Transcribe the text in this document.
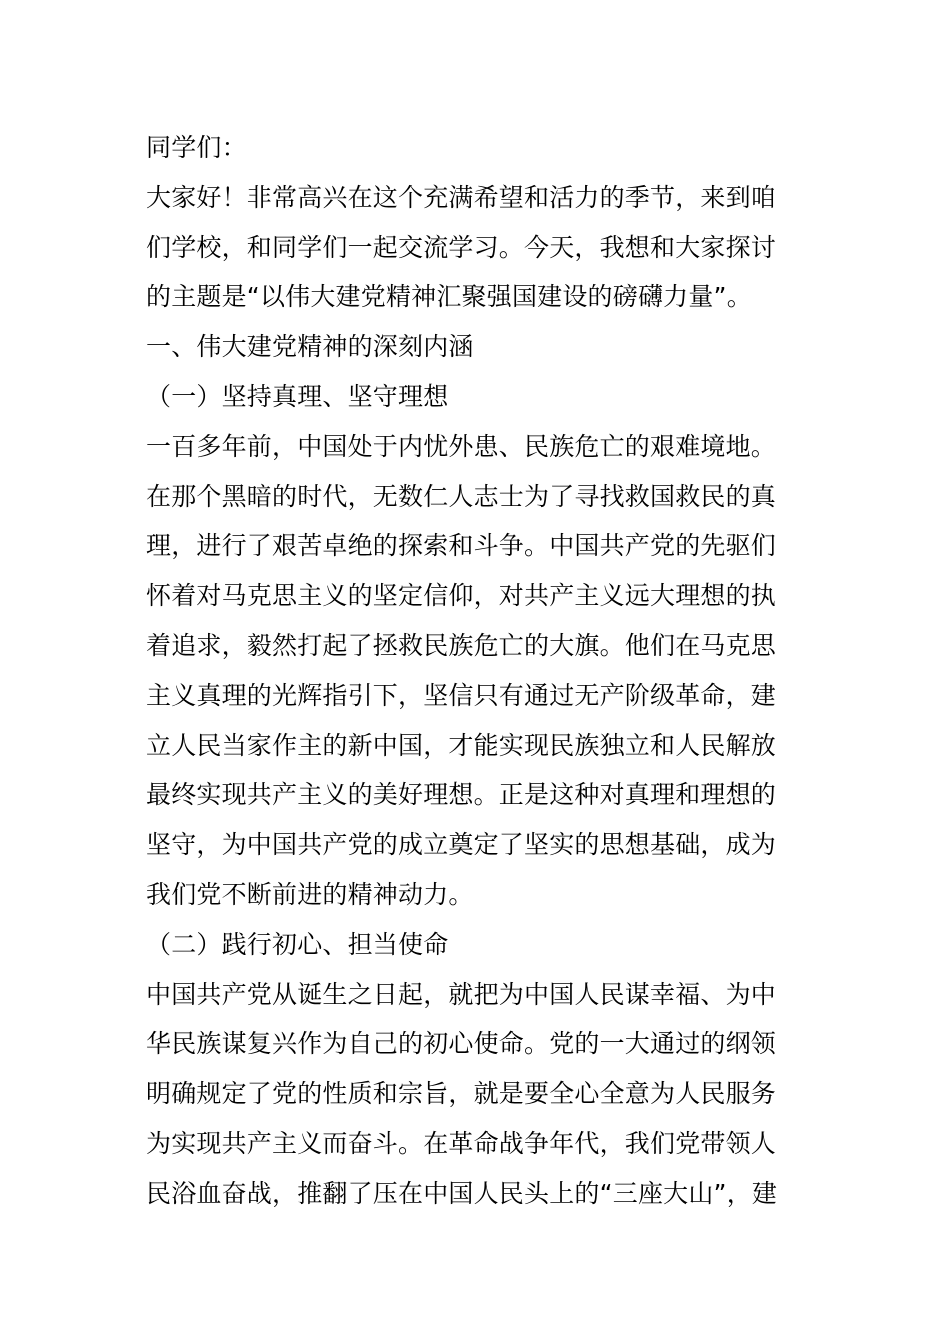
同学们：
大家好！非常高兴在这个充满希望和活力的季节，来到咱
们学校，和同学们一起交流学习。今天，我想和大家探讨
的主题是“以伟大建党精神汇聚强国建设的磅礴力量”。
一、伟大建党精神的深刻内涵
（一）坚持真理、坚守理想
一百多年前，中国处于内忧外患、民族危亡的艰难境地。
在那个黑暗的时代，无数仁人志士为了寻找救国救民的真
理，进行了艰苦卓绝的探索和斗争。中国共产党的先驱们
怀着对马克思主义的坚定信仰，对共产主义远大理想的执
着追求，毅然打起了拯救民族危亡的大旗。他们在马克思
主义真理的光辉指引下，坚信只有通过无产阶级革命，建
立人民当家作主的新中国，才能实现民族独立和人民解放
最终实现共产主义的美好理想。正是这种对真理和理想的
坚守，为中国共产党的成立奠定了坚实的思想基础，成为
我们党不断前进的精神动力。
（二）践行初心、担当使命
中国共产党从诞生之日起，就把为中国人民谋幸福、为中
华民族谋复兴作为自己的初心使命。党的一大通过的纲领
明确规定了党的性质和宗旨，就是要全心全意为人民服务
为实现共产主义而奋斗。在革命战争年代，我们党带领人
民浴血奋战，推翻了压在中国人民头上的“三座大山”，建
